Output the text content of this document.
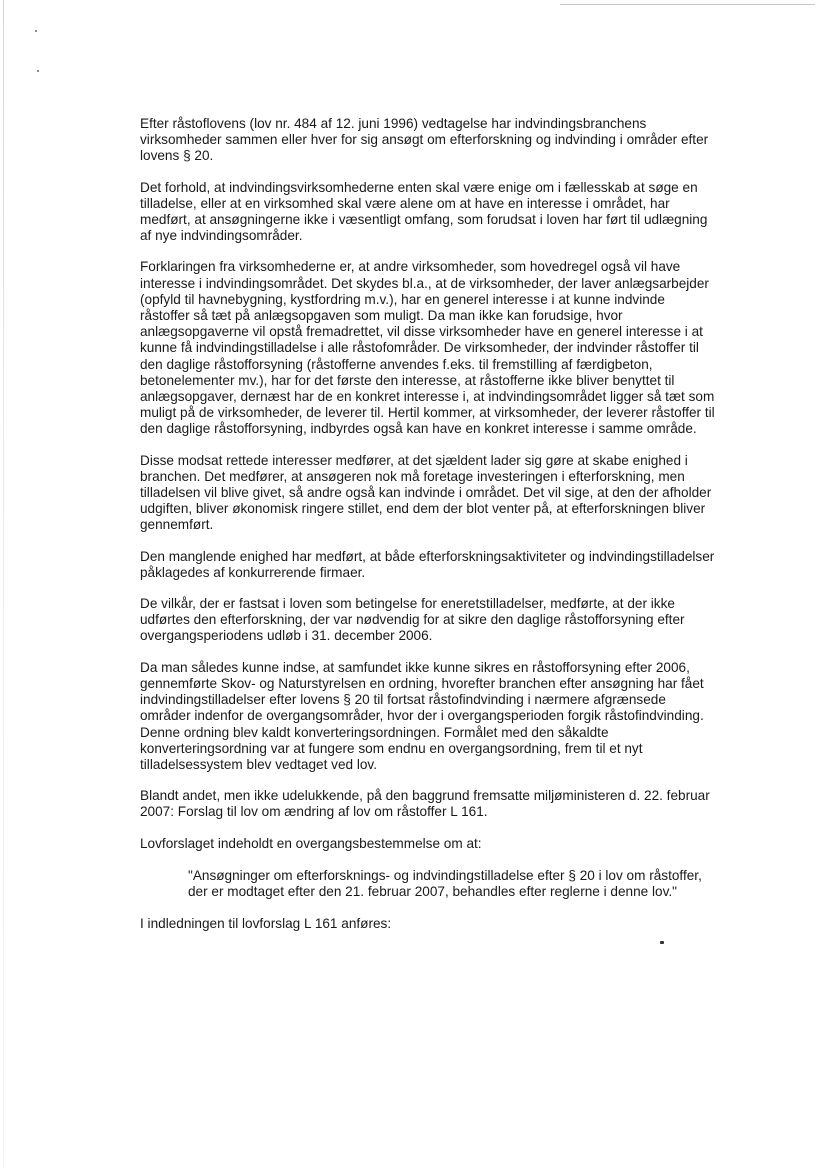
Efter råstoflovens (lov nr. 484 af 12. juni 1996) vedtagelse har indvindingsbranchens virksomheder sammen eller hver for sig ansøgt om efterforskning og indvinding i områder efter lovens § 20.

Det forhold, at indvindingsvirksomhederne enten skal være enige om i fællesskab at søge en tilladelse, eller at en virksomhed skal være alene om at have en interesse i området, har medført, at ansøgningerne ikke i væsentligt omfang, som forudsat i loven har ført til udlægning af nye indvindingsområder.

Forklaringen fra virksomhederne er, at andre virksomheder, som hovedregel også vil have interesse i indvindingsområdet. Det skydes bl.a., at de virksomheder, der laver anlægsarbejder (opfyld til havnebygning, kystfordring m.v.), har en generel interesse i at kunne indvinde råstoffer så tæt på anlægsopgaven som muligt. Da man ikke kan forudsige, hvor anlægsopgaverne vil opstå fremadrettet, vil disse virksomheder have en generel interesse i at kunne få indvindingstilladelse i alle råstofområder. De virksomheder, der indvinder råstoffer til den daglige råstofforsyning (råstofferne anvendes f.eks. til fremstilling af færdigbeton, betonelementer mv.), har for det første den interesse, at råstofferne ikke bliver benyttet til anlægsopgaver, dernæst har de en konkret interesse i, at indvindingsområdet ligger så tæt som muligt på de virksomheder, de leverer til. Hertil kommer, at virksomheder, der leverer råstoffer til den daglige råstofforsyning, indbyrdes også kan have en konkret interesse i samme område.

Disse modsat rettede interesser medfører, at det sjældent lader sig gøre at skabe enighed i branchen. Det medfører, at ansøgeren nok må foretage investeringen i efterforskning, men tilladelsen vil blive givet, så andre også kan indvinde i området. Det vil sige, at den der afholder udgiften, bliver økonomisk ringere stillet, end dem der blot venter på, at efterforskningen bliver gennemført.

Den manglende enighed har medført, at både efterforskningsaktiviteter og indvindingstilladelser påklagedes af konkurrerende firmaer.

De vilkår, der er fastsat i loven som betingelse for eneretstilladelser, medførte, at der ikke udførtes den efterforskning, der var nødvendig for at sikre den daglige råstofforsyning efter overgangsperiodens udløb i 31. december 2006.

Da man således kunne indse, at samfundet ikke kunne sikres en råstofforsyning efter 2006, gennemførte Skov- og Naturstyrelsen en ordning, hvorefter branchen efter ansøgning har fået indvindingstilladelser efter lovens § 20 til fortsat råstofindvinding i nærmere afgrænsede områder indenfor de overgangsområder, hvor der i overgangsperioden forgik råstofindvinding. Denne ordning blev kaldt konverteringsordningen. Formålet med den såkaldte konverteringsordning var at fungere som endnu en overgangsordning, frem til et nyt tilladelsessystem blev vedtaget ved lov.

Blandt andet, men ikke udelukkende, på den baggrund fremsatte miljøministeren d. 22. februar 2007: Forslag til lov om ændring af lov om råstoffer L 161.

Lovforslaget indeholdt en overgangsbestemmelse om at:

"Ansøgninger om efterforsknings- og indvindingstilladelse efter § 20 i lov om råstoffer, der er modtaget efter den 21. februar 2007, behandles efter reglerne i denne lov."

I indledningen til lovforslag L 161 anføres:
